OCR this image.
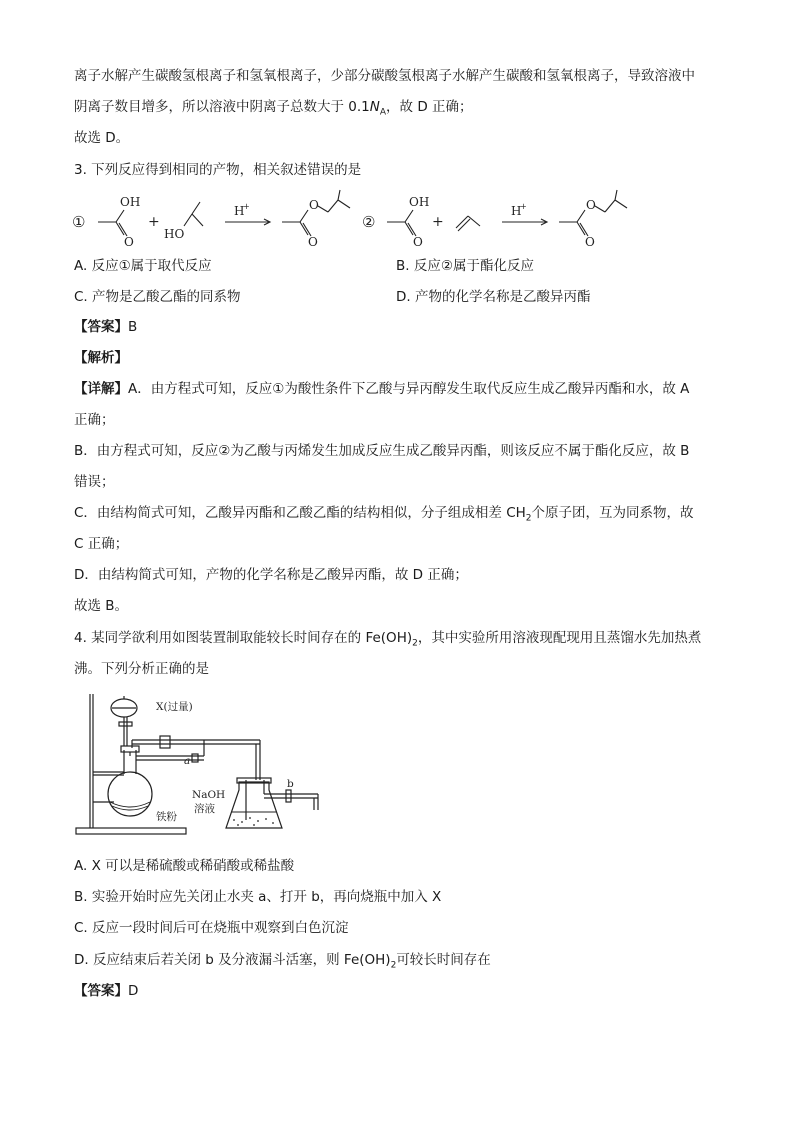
离子水解产生碳酸氢根离子和氢氧根离子，少部分碳酸氢根离子水解产生碳酸和氢氧根离子，导致溶液中
阴离子数目增多，所以溶液中阴离子总数大于 $0.1N_A$，故 D 正确；
故选 D。
3. 下列反应得到相同的产物，相关叙述错误的是
①
OH
O
+
HO
H
+	O
O
②
OH
O
+
H
+	O
O
A. 反应①属于取代反应	B. 反应②属于酯化反应
C. 产物是乙酸乙酯的同系物	D. 产物的化学名称是乙酸异丙酯
【答案】B
【解析】
【详解】A．由方程式可知，反应①为酸性条件下乙酸与异丙醇发生取代反应生成乙酸异丙酯和水，故 A
正确；
B．由方程式可知，反应②为乙酸与丙烯发生加成反应生成乙酸异丙酯，则该反应不属于酯化反应，故 B
错误；
C．由结构简式可知，乙酸异丙酯和乙酸乙酯的结构相似，分子组成相差 $CH_2$个原子团，互为同系物，故
C 正确；
D．由结构简式可知，产物的化学名称是乙酸异丙酯，故 D 正确；
故选 B。
4. 某同学欲利用如图装置制取能较长时间存在的 $Fe(OH)_2$，其中实验所用溶液现配现用且蒸馏水先加热煮
沸。下列分析正确的是
X(过量)
a
b
NaOH
溶液
铁粉
A. X 可以是稀硫酸或稀硝酸或稀盐酸
B. 实验开始时应先关闭止水夹 a、打开 b，再向烧瓶中加入 X
C. 反应一段时间后可在烧瓶中观察到白色沉淀
D. 反应结束后若关闭 b 及分液漏斗活塞，则 $Fe(OH)_2$可较长时间存在
【答案】D
